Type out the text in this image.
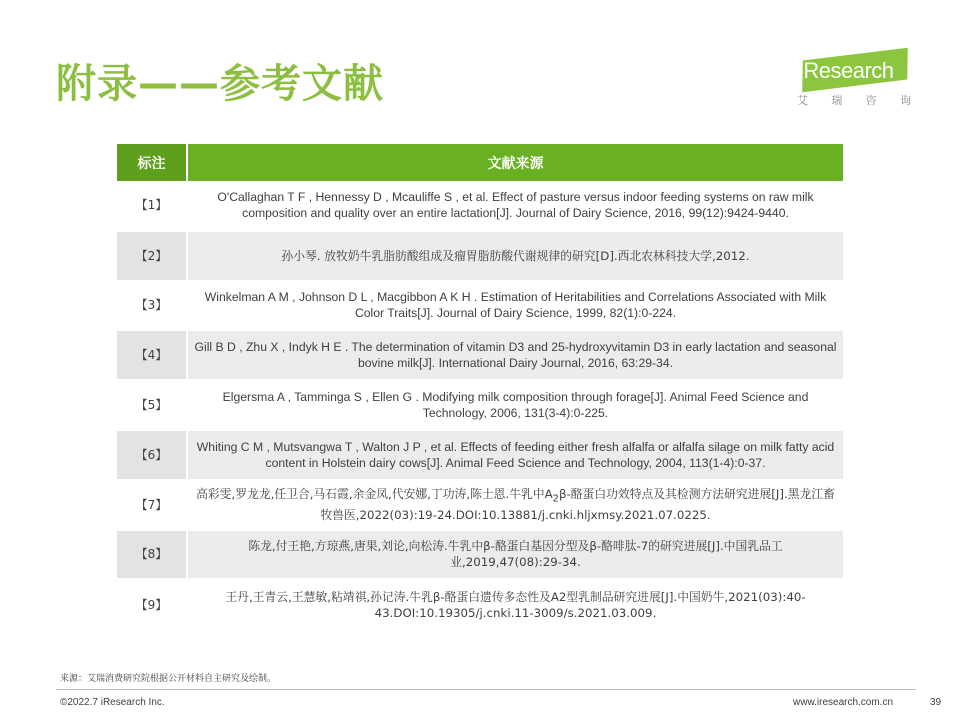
附录——参考文献	iResearch
艾 瑞 咨 询
标注	文献来源
【1】	O'Callaghan T F , Hennessy D , Mcauliffe S , et al. Effect of pasture versus indoor feeding systems on raw milk composition and quality over an entire lactation[J]. Journal of Dairy Science, 2016, 99(12):9424-9440.
【2】	孙小琴. 放牧奶牛乳脂肪酸组成及瘤胃脂肪酸代谢规律的研究[D].西北农林科技大学,2012.
【3】	Winkelman A M , Johnson D L , Macgibbon A K H . Estimation of Heritabilities and Correlations Associated with Milk Color Traits[J]. Journal of Dairy Science, 1999, 82(1):0-224.
【4】	Gill B D , Zhu X , Indyk H E . The determination of vitamin D3 and 25-hydroxyvitamin D3 in early lactation and seasonal bovine milk[J]. International Dairy Journal, 2016, 63:29-34.
【5】	Elgersma A , Tamminga S , Ellen G . Modifying milk composition through forage[J]. Animal Feed Science and Technology, 2006, 131(3-4):0-225.
【6】	Whiting C M , Mutsvangwa T , Walton J P , et al. Effects of feeding either fresh alfalfa or alfalfa silage on milk fatty acid content in Holstein dairy cows[J]. Animal Feed Science and Technology, 2004, 113(1-4):0-37.
【7】	高彩雯,罗龙龙,任卫合,马石霞,余金凤,代安娜,丁功涛,陈士恩.牛乳中$A_2\beta-$酪蛋白功效特点及其检测方法研究进展[J].黑龙江畜牧兽医,2022(03):19-24.DOI:10.13881/j.cnki.hljxmsy.2021.07.0225.
【8】	陈龙,付王艳,方琼燕,唐果,刘论,向松涛.牛乳中β-酪蛋白基因分型及β-酪啡肽-7的研究进展[J].中国乳品工业,2019,47(08):29-34.
【9】	王丹,王青云,王慧敏,粘靖祺,孙记涛.牛乳β-酪蛋白遗传多态性及A2型乳制品研究进展[J].中国奶牛,2021(03):40-43.DOI:10.19305/j.cnki.11-3009/s.2021.03.009.
来源：艾瑞消费研究院根据公开材料自主研究及绘制。
©2022.7 iResearch Inc.	www.iresearch.com.cn	39
